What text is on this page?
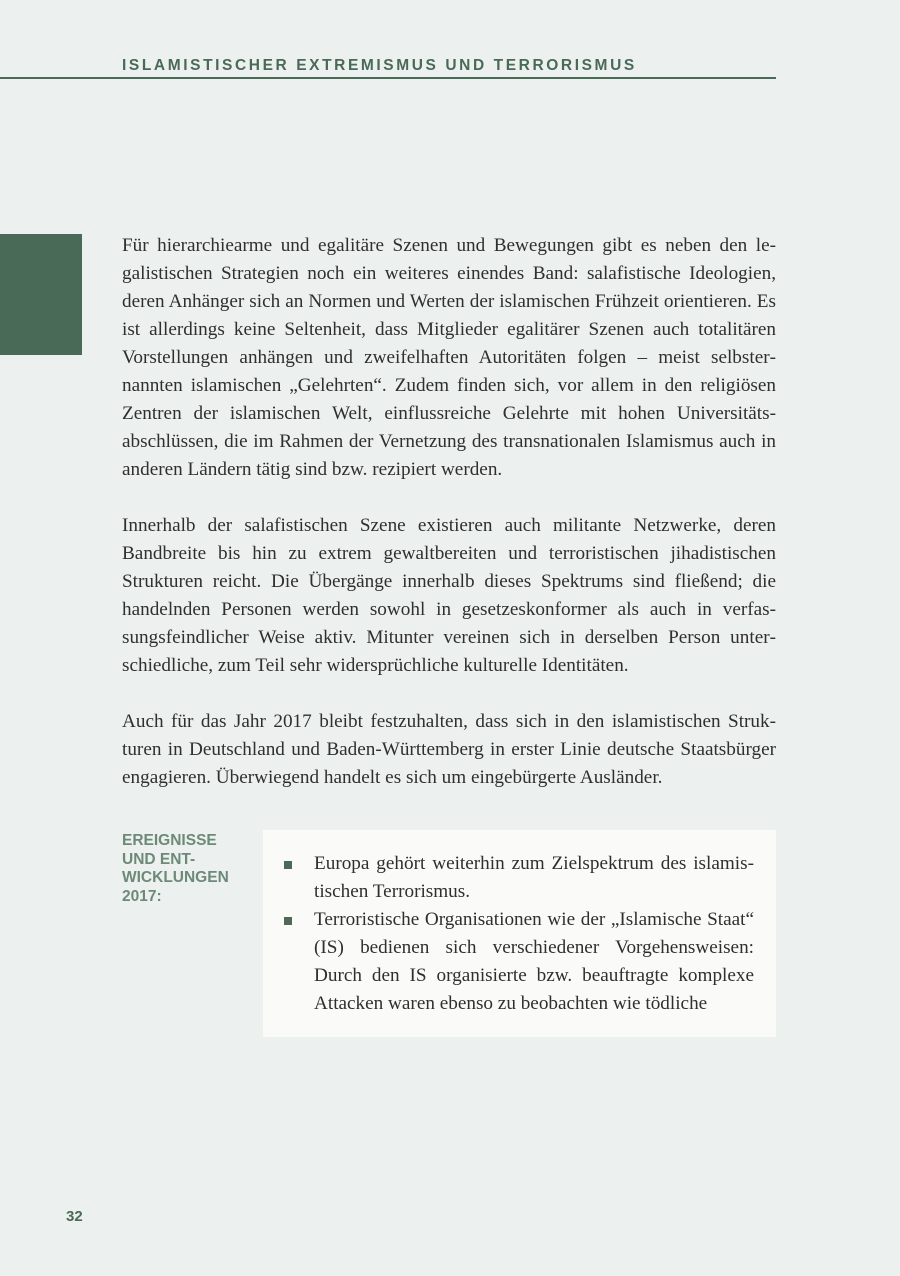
ISLAMISTISCHER EXTREMISMUS UND TERRORISMUS

Für hierarchiearme und egalitäre Szenen und Bewegungen gibt es neben den legalistischen Strategien noch ein weiteres einendes Band: salafistische Ideologien, deren Anhänger sich an Normen und Werten der islamischen Frühzeit orientieren. Es ist allerdings keine Seltenheit, dass Mitglieder egalitärer Szenen auch totalitären Vorstellungen anhängen und zweifelhaften Autoritäten folgen – meist selbsternannten islamischen „Gelehrten“. Zudem finden sich, vor allem in den religiösen Zentren der islamischen Welt, einflussreiche Gelehrte mit hohen Universitätsabschlüssen, die im Rahmen der Vernetzung des transnationalen Islamismus auch in anderen Ländern tätig sind bzw. rezipiert werden.

Innerhalb der salafistischen Szene existieren auch militante Netzwerke, deren Bandbreite bis hin zu extrem gewaltbereiten und terroristischen jihadistischen Strukturen reicht. Die Übergänge innerhalb dieses Spektrums sind fließend; die handelnden Personen werden sowohl in gesetzeskonformer als auch in verfassungsfeindlicher Weise aktiv. Mitunter vereinen sich in derselben Person unterschiedliche, zum Teil sehr widersprüchliche kulturelle Identitäten.

Auch für das Jahr 2017 bleibt festzuhalten, dass sich in den islamistischen Strukturen in Deutschland und Baden-Württemberg in erster Linie deutsche Staatsbürger engagieren. Überwiegend handelt es sich um eingebürgerte Ausländer.

EREIGNISSE
UND ENT-
WICKLUNGEN
2017:
Europa gehört weiterhin zum Zielspektrum des islamistischen Terrorismus.
Terroristische Organisationen wie der „Islamische Staat“ (IS) bedienen sich verschiedener Vorgehensweisen: Durch den IS organisierte bzw. beauftragte komplexe Attacken waren ebenso zu beobachten wie tödliche
32
